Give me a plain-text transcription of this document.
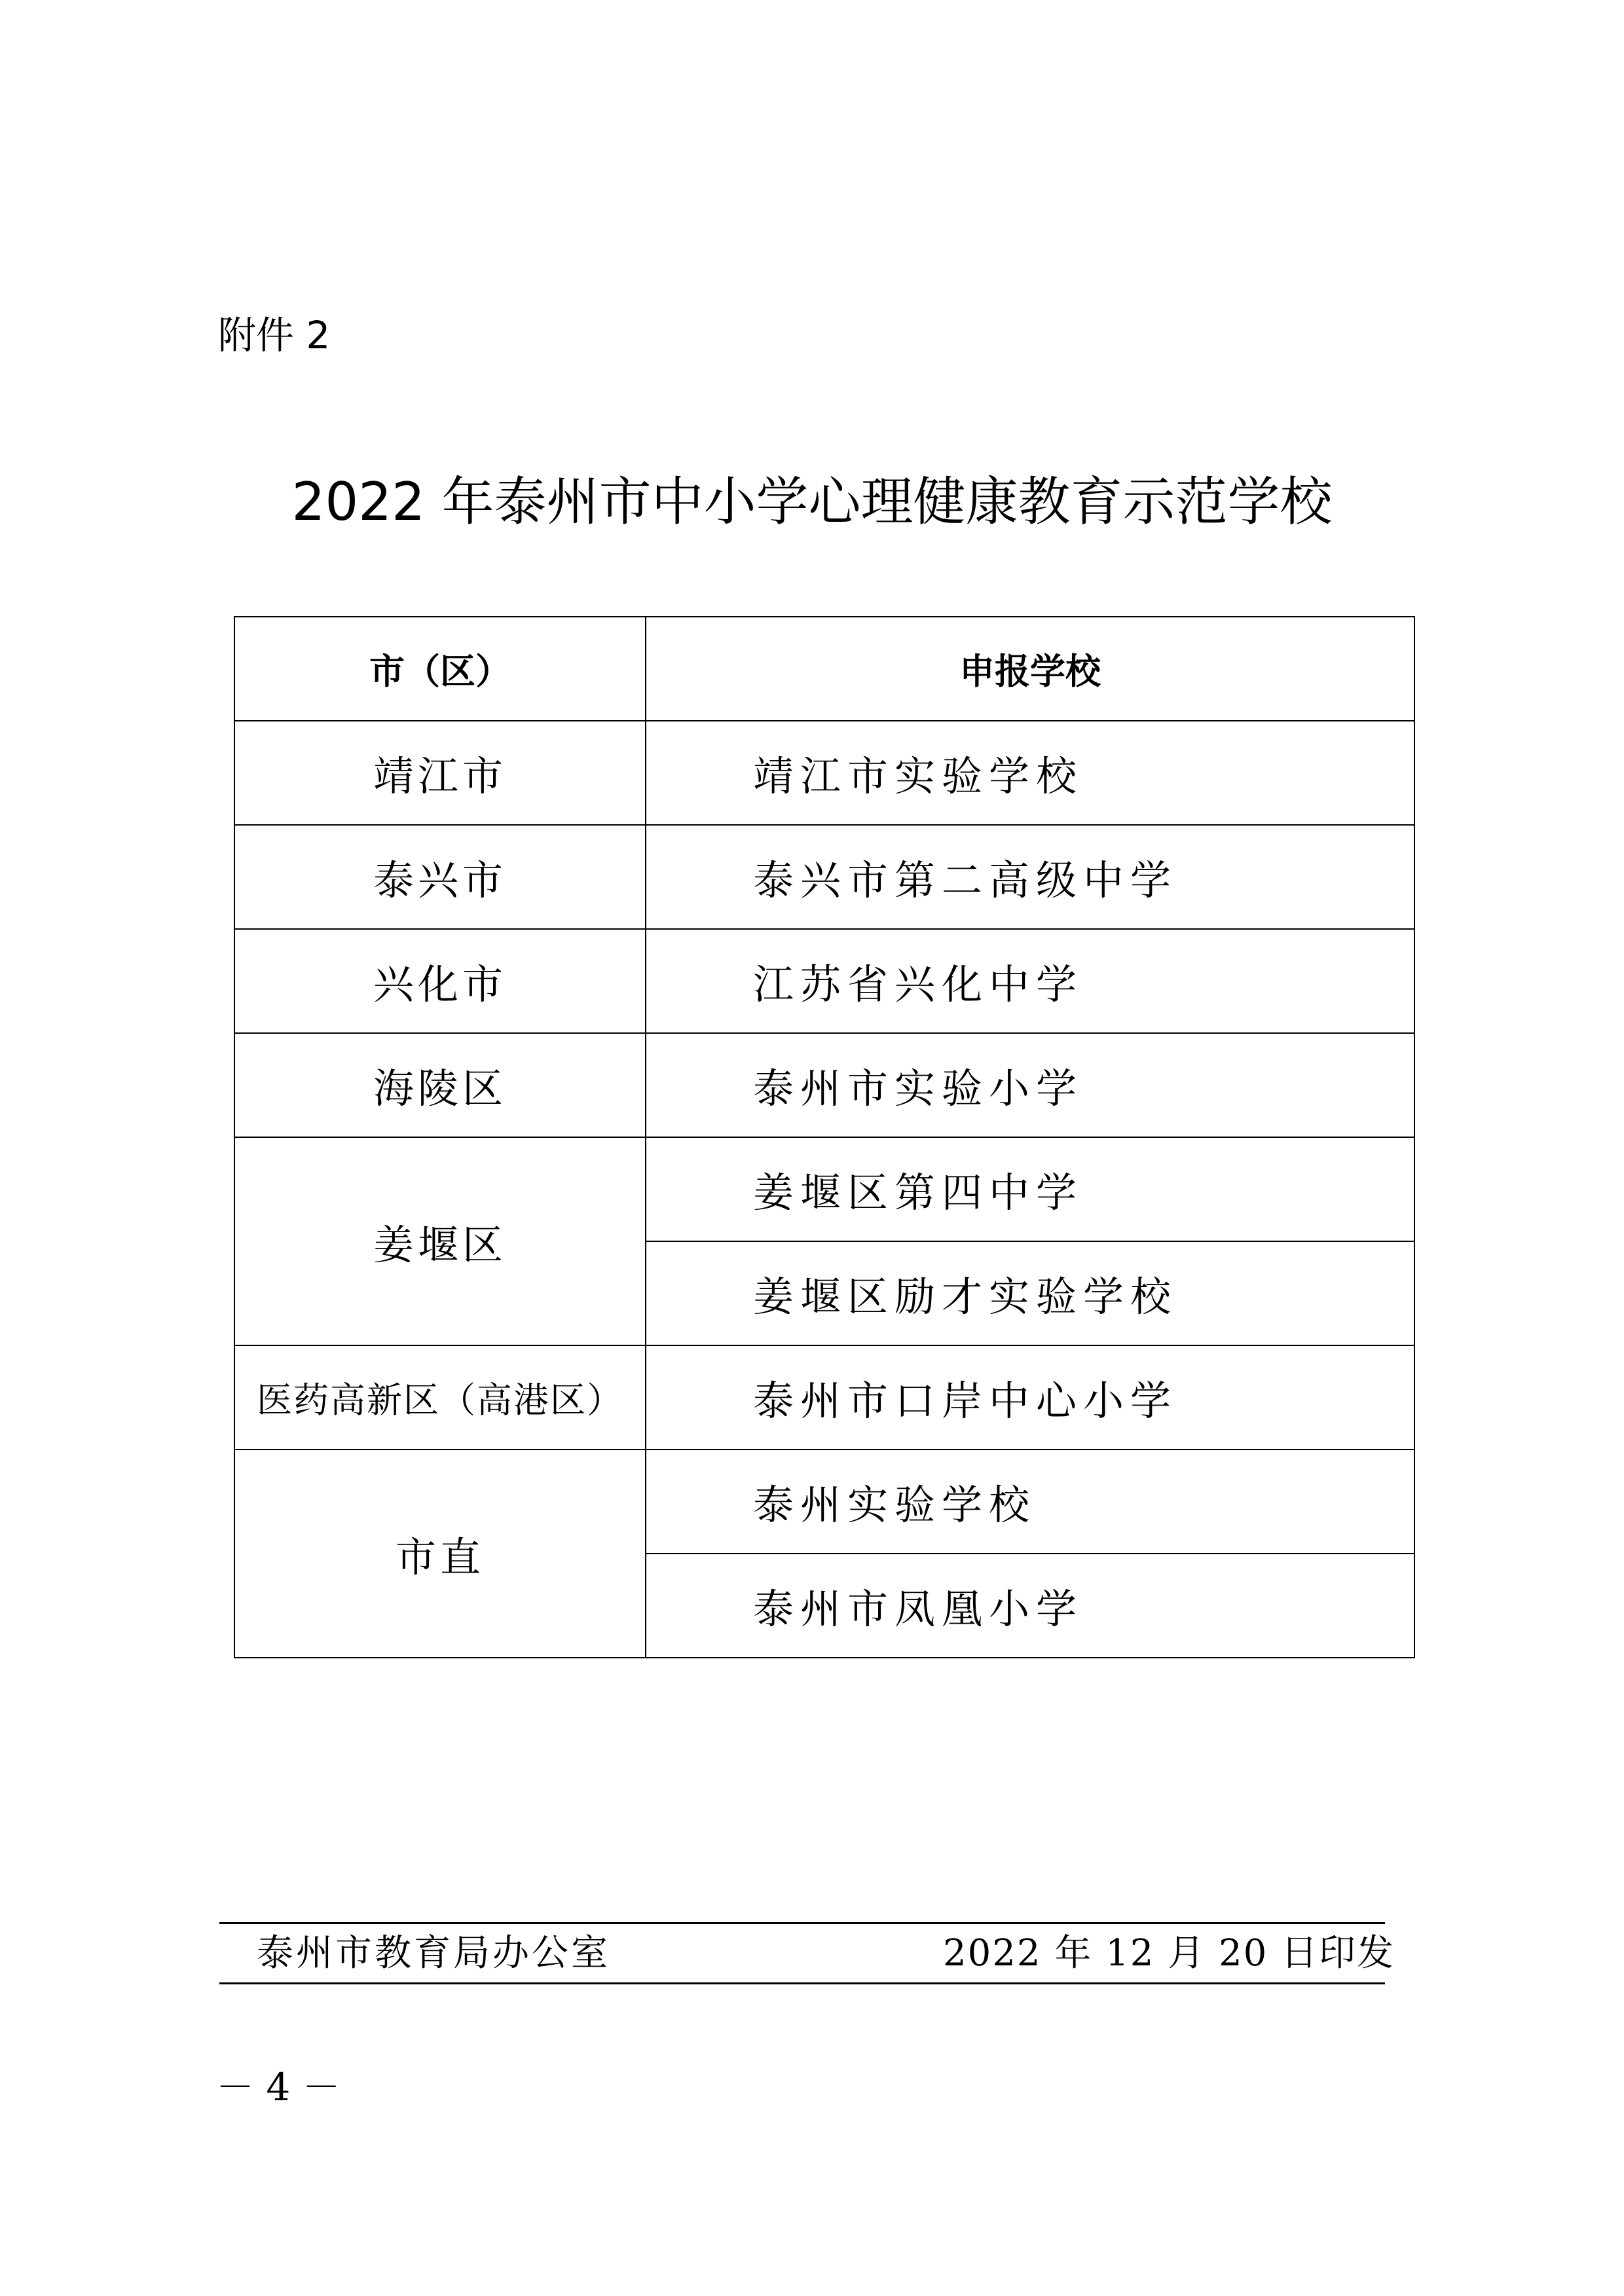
附件 2
2022 年泰州市中小学心理健康教育示范学校
市（区）	申报学校
靖江市	靖江市实验学校
泰兴市	泰兴市第二高级中学
兴化市	江苏省兴化中学
海陵区	泰州市实验小学
姜堰区	姜堰区第四中学
	姜堰区励才实验学校
医药高新区（高港区）	泰州市口岸中心小学
市直	泰州实验学校
	泰州市凤凰小学
泰州市教育局办公室	2022 年 12 月 20 日印发
－ 4 －
